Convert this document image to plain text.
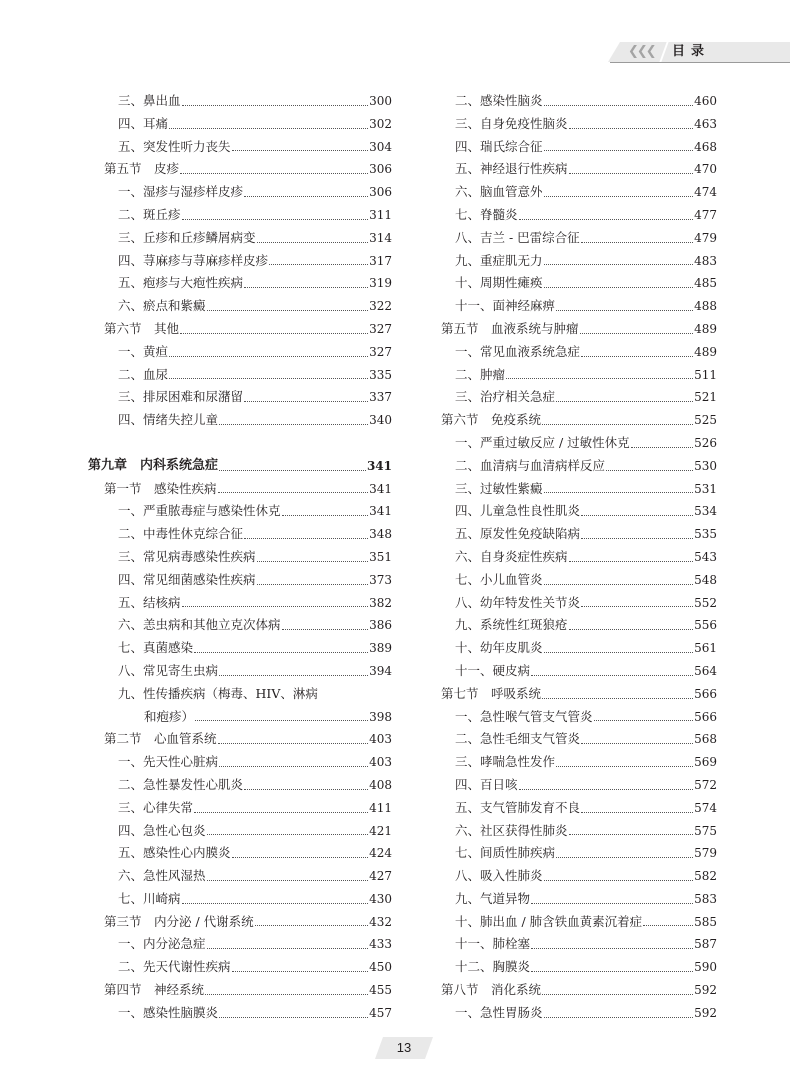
❮❮❮ 目录
三、鼻出血	300
四、耳痛	302
五、突发性听力丧失	304
第五节　皮疹	306
一、湿疹与湿疹样皮疹	306
二、斑丘疹	311
三、丘疹和丘疹鳞屑病变	314
四、荨麻疹与荨麻疹样皮疹	317
五、疱疹与大疱性疾病	319
六、瘀点和紫癜	322
第六节　其他	327
一、黄疸	327
二、血尿	335
三、排尿困难和尿潴留	337
四、情绪失控儿童	340
第九章　内科系统急症	341
第一节　感染性疾病	341
一、严重脓毒症与感染性休克	341
二、中毒性休克综合征	348
三、常见病毒感染性疾病	351
四、常见细菌感染性疾病	373
五、结核病	382
六、恙虫病和其他立克次体病	386
七、真菌感染	389
八、常见寄生虫病	394
九、性传播疾病（梅毒、HIV、淋病
和疱疹）	398
第二节　心血管系统	403
一、先天性心脏病	403
二、急性暴发性心肌炎	408
三、心律失常	411
四、急性心包炎	421
五、感染性心内膜炎	424
六、急性风湿热	427
七、川崎病	430
第三节　内分泌 / 代谢系统	432
一、内分泌急症	433
二、先天代谢性疾病	450
第四节　神经系统	455
一、感染性脑膜炎	457
二、感染性脑炎	460
三、自身免疫性脑炎	463
四、瑞氏综合征	468
五、神经退行性疾病	470
六、脑血管意外	474
七、脊髓炎	477
八、吉兰 - 巴雷综合征	479
九、重症肌无力	483
十、周期性瘫痪	485
十一、面神经麻痹	488
第五节　血液系统与肿瘤	489
一、常见血液系统急症	489
二、肿瘤	511
三、治疗相关急症	521
第六节　免疫系统	525
一、严重过敏反应 / 过敏性休克	526
二、血清病与血清病样反应	530
三、过敏性紫癜	531
四、儿童急性良性肌炎	534
五、原发性免疫缺陷病	535
六、自身炎症性疾病	543
七、小儿血管炎	548
八、幼年特发性关节炎	552
九、系统性红斑狼疮	556
十、幼年皮肌炎	561
十一、硬皮病	564
第七节　呼吸系统	566
一、急性喉气管支气管炎	566
二、急性毛细支气管炎	568
三、哮喘急性发作	569
四、百日咳	572
五、支气管肺发育不良	574
六、社区获得性肺炎	575
七、间质性肺疾病	579
八、吸入性肺炎	582
九、气道异物	583
十、肺出血 / 肺含铁血黄素沉着症	585
十一、肺栓塞	587
十二、胸膜炎	590
第八节　消化系统	592
一、急性胃肠炎	592
13
